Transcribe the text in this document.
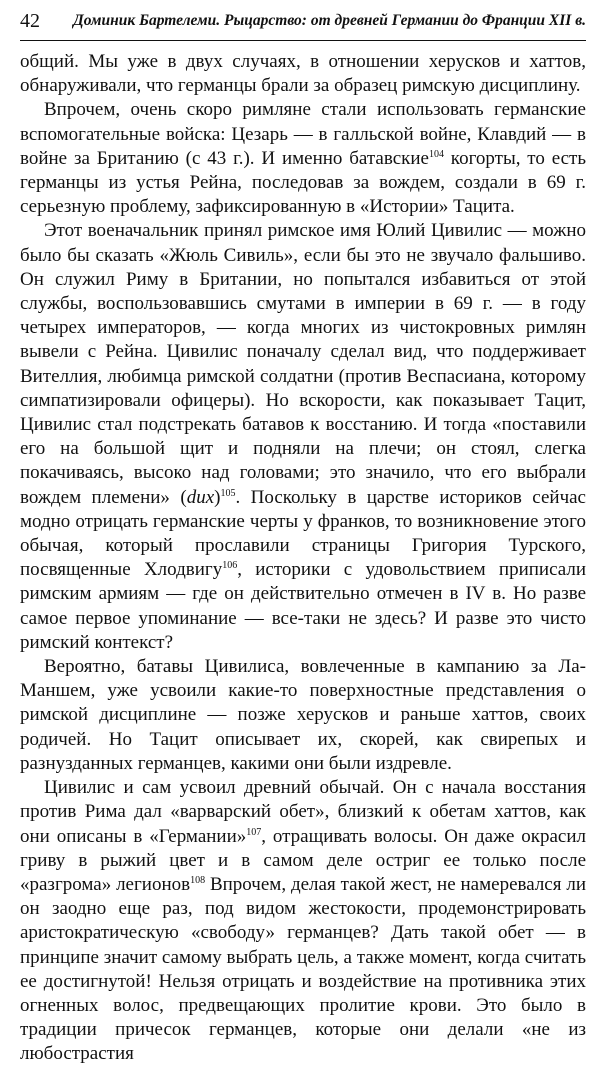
42 Доминик Бартелеми. Рыцарство: от древней Германии до Франции XII в.

общий. Мы уже в двух случаях, в отношении херусков и хаттов, обнаруживали, что германцы брали за образец римскую дисциплину.

Впрочем, очень скоро римляне стали использовать германские вспомогательные войска: Цезарь — в галльской войне, Клавдий — в войне за Британию (с 43 г.). И именно батавские$^{104}$ когорты, то есть германцы из устья Рейна, последовав за вождем, создали в 69 г. серьезную проблему, зафиксированную в «Истории» Тацита.

Этот военачальник принял римское имя Юлий Цивилис — можно было бы сказать «Жюль Сивиль», если бы это не звучало фальшиво. Он служил Риму в Британии, но попытался избавиться от этой службы, воспользовавшись смутами в империи в 69 г. — в году четырех императоров, — когда многих из чистокровных римлян вывели с Рейна. Цивилис поначалу сделал вид, что поддерживает Вителлия, любимца римской солдатни (против Веспасиана, которому симпатизировали офицеры). Но вскорости, как показывает Тацит, Цивилис стал подстрекать батавов к восстанию. И тогда «поставили его на большой щит и подняли на плечи; он стоял, слегка покачиваясь, высоко над головами; это значило, что его выбрали вождем племени» (dux)$^{105}$. Поскольку в царстве историков сейчас модно отрицать германские черты у франков, то возникновение этого обычая, который прославили страницы Григория Турского, посвященные Хлодвигу$^{106}$, историки с удовольствием приписали римским армиям — где он действительно отмечен в IV в. Но разве самое первое упоминание — все-таки не здесь? И разве это чисто римский контекст?

Вероятно, батавы Цивилиса, вовлеченные в кампанию за Ла-Маншем, уже усвоили какие-то поверхностные представления о римской дисциплине — позже херусков и раньше хаттов, своих родичей. Но Тацит описывает их, скорей, как свирепых и разнузданных германцев, какими они были издревле.

Цивилис и сам усвоил древний обычай. Он с начала восстания против Рима дал «варварский обет», близкий к обетам хаттов, как они описаны в «Германии»$^{107}$, отращивать волосы. Он даже окрасил гриву в рыжий цвет и в самом деле остриг ее только после «разгрома» легионов$^{108}$ Впрочем, делая такой жест, не намеревался ли он заодно еще раз, под видом жестокости, продемонстрировать аристократическую «свободу» германцев? Дать такой обет — в принципе значит самому выбрать цель, а также момент, когда считать ее достигнутой! Нельзя отрицать и воздействие на противника этих огненных волос, предвещающих пролитие крови. Это было в традиции причесок германцев, которые они делали «не из любострастия
